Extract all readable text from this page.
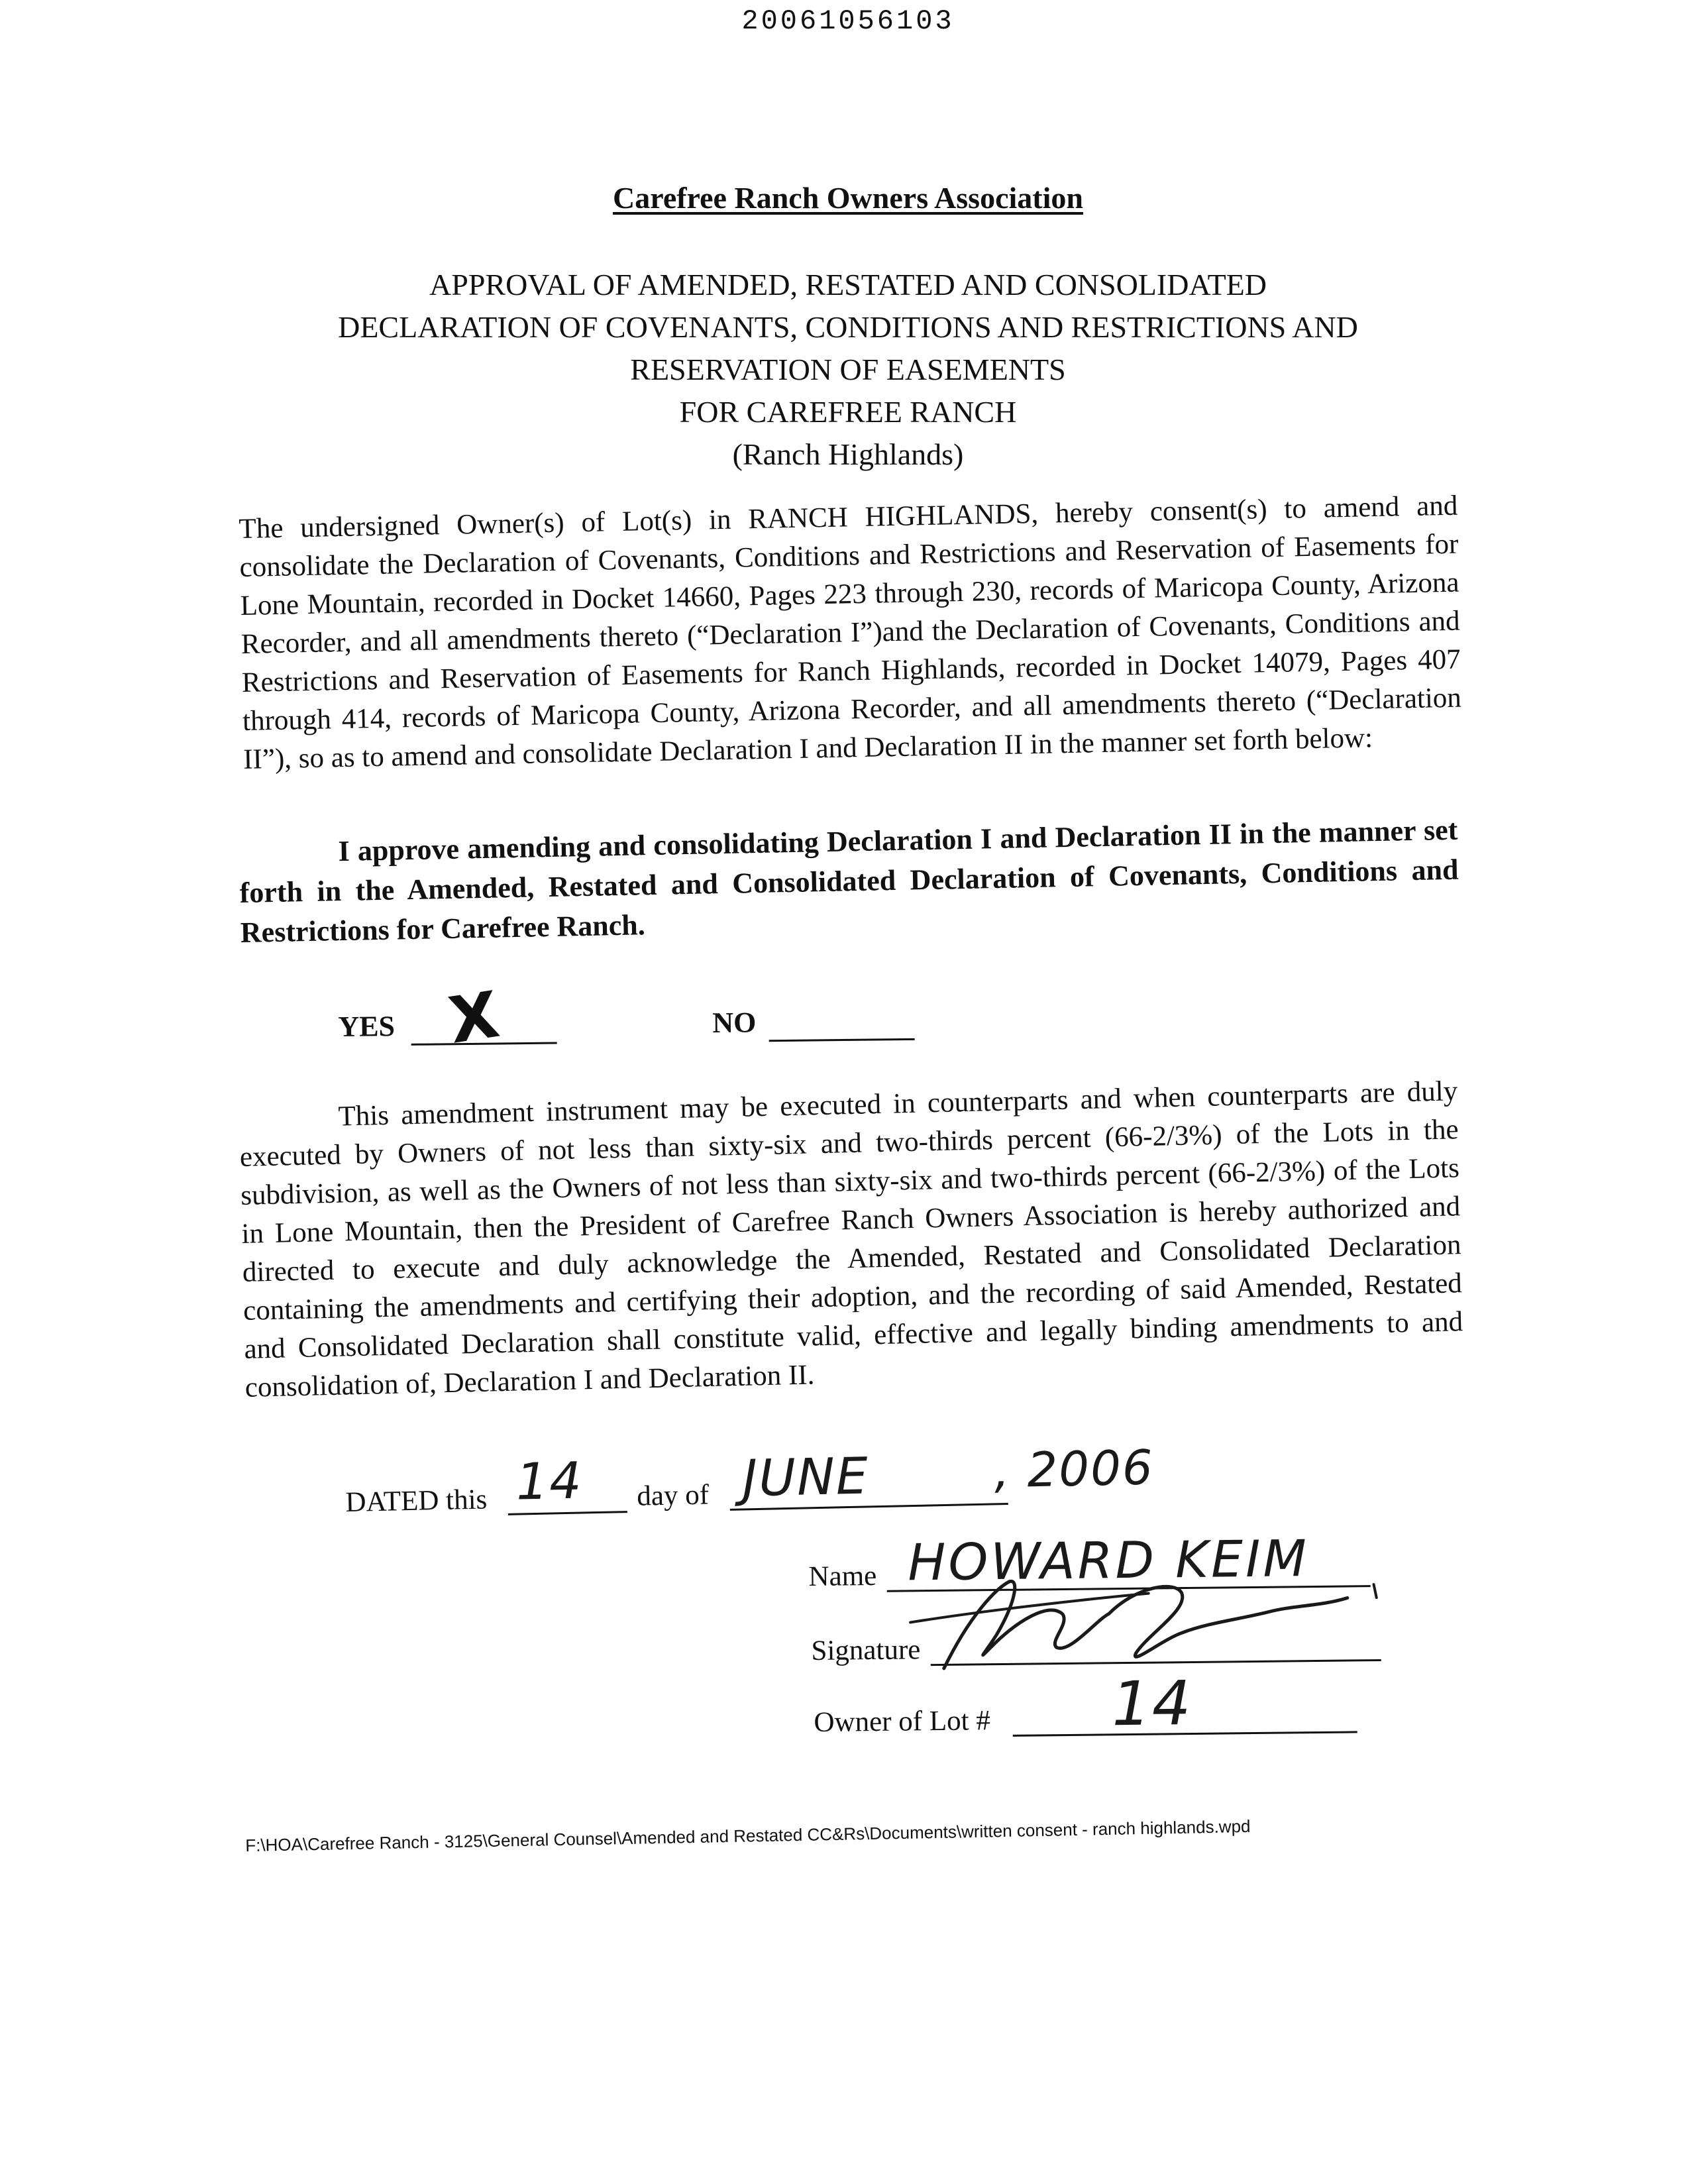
20061056103
Carefree Ranch Owners Association
APPROVAL OF AMENDED, RESTATED AND CONSOLIDATED
DECLARATION OF COVENANTS, CONDITIONS AND RESTRICTIONS AND
RESERVATION OF EASEMENTS
FOR CAREFREE RANCH
(Ranch Highlands)
The undersigned Owner(s) of Lot(s) in RANCH HIGHLANDS, hereby consent(s) to amend and consolidate the Declaration of Covenants, Conditions and Restrictions and Reservation of Easements for Lone Mountain, recorded in Docket 14660, Pages 223 through 230, records of Maricopa County, Arizona Recorder, and all amendments thereto (“Declaration I”)and the Declaration of Covenants, Conditions and Restrictions and Reservation of Easements for Ranch Highlands, recorded in Docket 14079, Pages 407 through 414, records of Maricopa County, Arizona Recorder, and all amendments thereto (“Declaration II”), so as to amend and consolidate Declaration I and Declaration II in the manner set forth below:
I approve amending and consolidating Declaration I and Declaration II in the manner set forth in the Amended, Restated and Consolidated Declaration of Covenants, Conditions and Restrictions for Carefree Ranch.
YES X	NO
This amendment instrument may be executed in counterparts and when counterparts are duly executed by Owners of not less than sixty-six and two-thirds percent (66-2/3%) of the Lots in the subdivision, as well as the Owners of not less than sixty-six and two-thirds percent (66-2/3%) of the Lots in Lone Mountain, then the President of Carefree Ranch Owners Association is hereby authorized and directed to execute and duly acknowledge the Amended, Restated and Consolidated Declaration containing the amendments and certifying their adoption, and the recording of said Amended, Restated and Consolidated Declaration shall constitute valid, effective and legally binding amendments to and consolidation of, Declaration I and Declaration II.
DATED this 14 day of JUNE	, 2006
Name HOWARD KEIM
Signature
Owner of Lot # 14
F:\HOA\Carefree Ranch - 3125\General Counsel\Amended and Restated CC&Rs\Documents\written consent - ranch highlands.wpd
